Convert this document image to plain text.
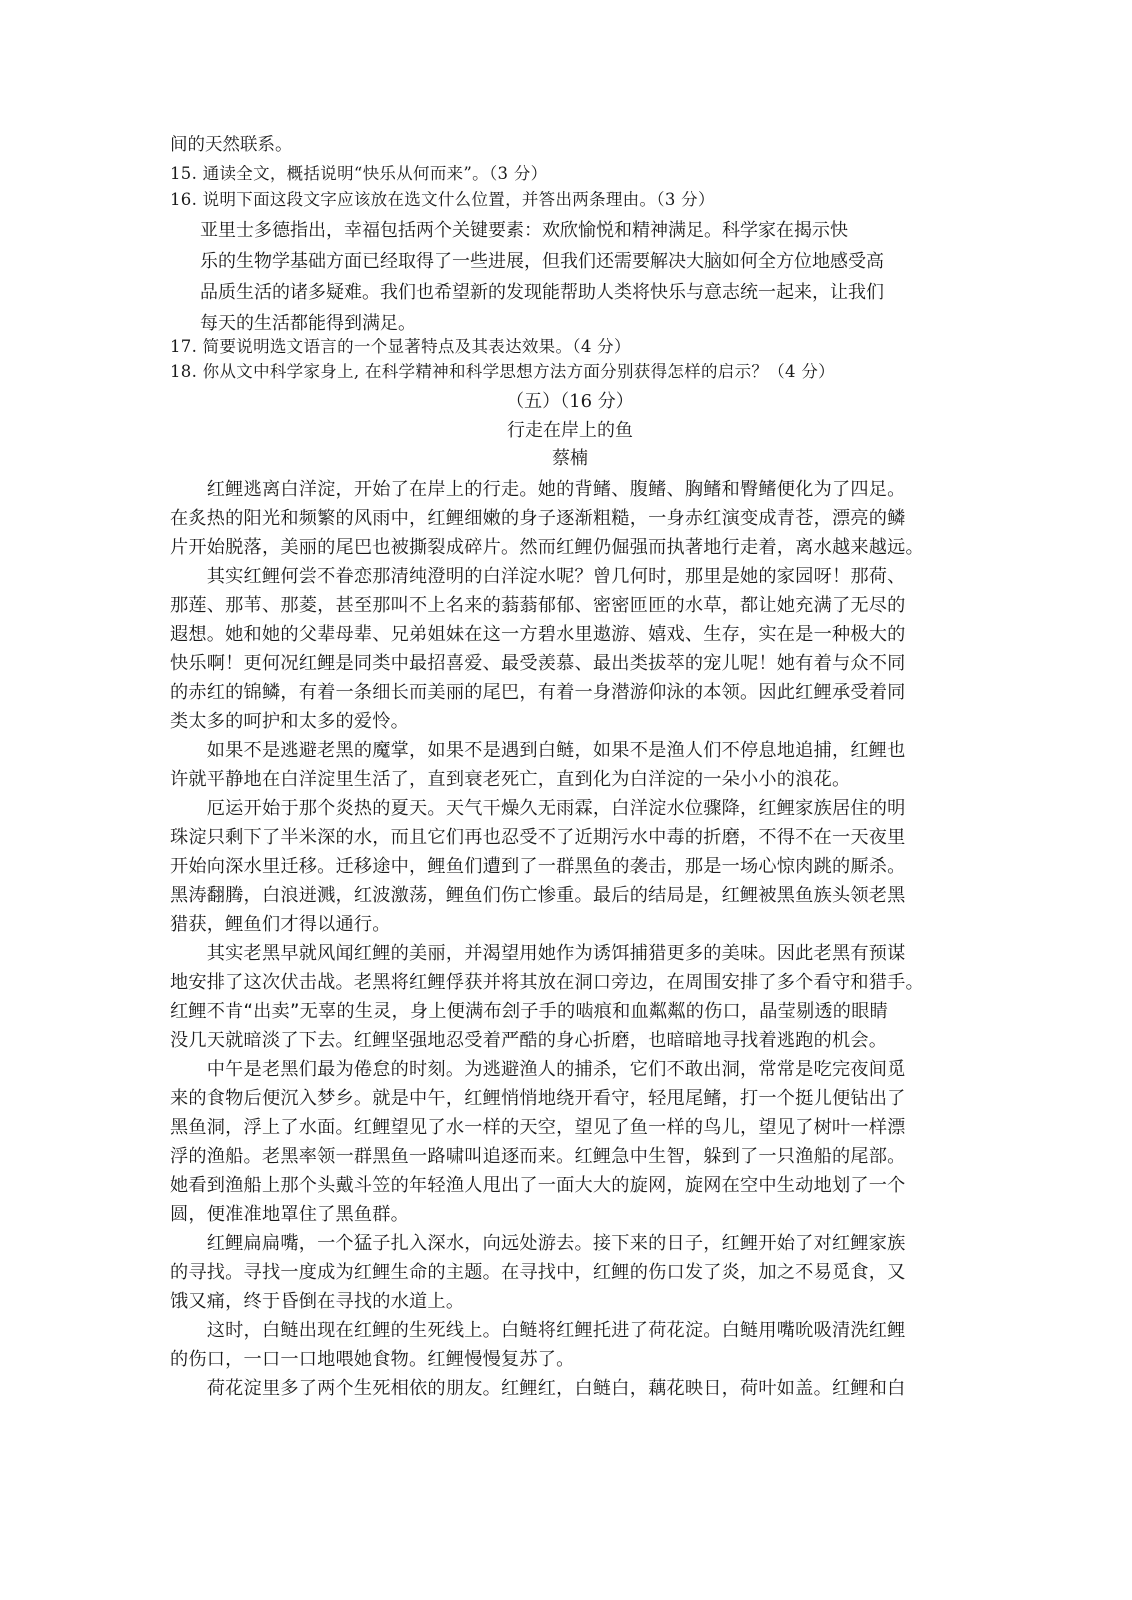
间的天然联系。
15. 通读全文，概括说明“快乐从何而来”。（3 分）
16. 说明下面这段文字应该放在选文什么位置，并答出两条理由。（3 分）
亚里士多德指出，幸福包括两个关键要素：欢欣愉悦和精神满足。科学家在揭示快
乐的生物学基础方面已经取得了一些进展，但我们还需要解决大脑如何全方位地感受高
品质生活的诸多疑难。我们也希望新的发现能帮助人类将快乐与意志统一起来，让我们
每天的生活都能得到满足。
17. 简要说明选文语言的一个显著特点及其表达效果。（4 分）
18. 你从文中科学家身上, 在科学精神和科学思想方法方面分别获得怎样的启示？（4 分）
（五）（16 分）
行走在岸上的鱼
蔡楠
　　红鲤逃离白洋淀，开始了在岸上的行走。她的背鳍、腹鳍、胸鳍和臀鳍便化为了四足。
在炙热的阳光和频繁的风雨中，红鲤细嫩的身子逐渐粗糙，一身赤红演变成青苍，漂亮的鳞
片开始脱落，美丽的尾巴也被撕裂成碎片。然而红鲤仍倔强而执著地行走着，离水越来越远。
　　其实红鲤何尝不眷恋那清纯澄明的白洋淀水呢？曾几何时，那里是她的家园呀！那荷、
那莲、那苇、那菱，甚至那叫不上名来的蓊蓊郁郁、密密匝匝的水草，都让她充满了无尽的
遐想。她和她的父辈母辈、兄弟姐妹在这一方碧水里遨游、嬉戏、生存，实在是一种极大的
快乐啊！更何况红鲤是同类中最招喜爱、最受羡慕、最出类拔萃的宠儿呢！她有着与众不同
的赤红的锦鳞，有着一条细长而美丽的尾巴，有着一身潜游仰泳的本领。因此红鲤承受着同
类太多的呵护和太多的爱怜。
　　如果不是逃避老黑的魔掌，如果不是遇到白鲢，如果不是渔人们不停息地追捕，红鲤也
许就平静地在白洋淀里生活了，直到衰老死亡，直到化为白洋淀的一朵小小的浪花。
　　厄运开始于那个炎热的夏天。天气干燥久无雨霖，白洋淀水位骤降，红鲤家族居住的明
珠淀只剩下了半米深的水，而且它们再也忍受不了近期污水中毒的折磨，不得不在一天夜里
开始向深水里迁移。迁移途中，鲤鱼们遭到了一群黑鱼的袭击，那是一场心惊肉跳的厮杀。
黑涛翻腾，白浪迸溅，红波激荡，鲤鱼们伤亡惨重。最后的结局是，红鲤被黑鱼族头领老黑
猎获，鲤鱼们才得以通行。
　　其实老黑早就风闻红鲤的美丽，并渴望用她作为诱饵捕猎更多的美味。因此老黑有预谋
地安排了这次伏击战。老黑将红鲤俘获并将其放在洞口旁边，在周围安排了多个看守和猎手。
红鲤不肯“出卖”无辜的生灵，身上便满布刽子手的啮痕和血粼粼的伤口，晶莹剔透的眼睛
没几天就暗淡了下去。红鲤坚强地忍受着严酷的身心折磨，也暗暗地寻找着逃跑的机会。
　　中午是老黑们最为倦怠的时刻。为逃避渔人的捕杀，它们不敢出洞，常常是吃完夜间觅
来的食物后便沉入梦乡。就是中午，红鲤悄悄地绕开看守，轻甩尾鳍，打一个挺儿便钻出了
黑鱼洞，浮上了水面。红鲤望见了水一样的天空，望见了鱼一样的鸟儿，望见了树叶一样漂
浮的渔船。老黑率领一群黑鱼一路啸叫追逐而来。红鲤急中生智，躲到了一只渔船的尾部。
她看到渔船上那个头戴斗笠的年轻渔人甩出了一面大大的旋网，旋网在空中生动地划了一个
圆，便准准地罩住了黑鱼群。
　　红鲤扁扁嘴，一个猛子扎入深水，向远处游去。接下来的日子，红鲤开始了对红鲤家族
的寻找。寻找一度成为红鲤生命的主题。在寻找中，红鲤的伤口发了炎，加之不易觅食，又
饿又痛，终于昏倒在寻找的水道上。
　　这时，白鲢出现在红鲤的生死线上。白鲢将红鲤托进了荷花淀。白鲢用嘴吮吸清洗红鲤
的伤口，一口一口地喂她食物。红鲤慢慢复苏了。
　　荷花淀里多了两个生死相依的朋友。红鲤红，白鲢白，藕花映日，荷叶如盖。红鲤和白
